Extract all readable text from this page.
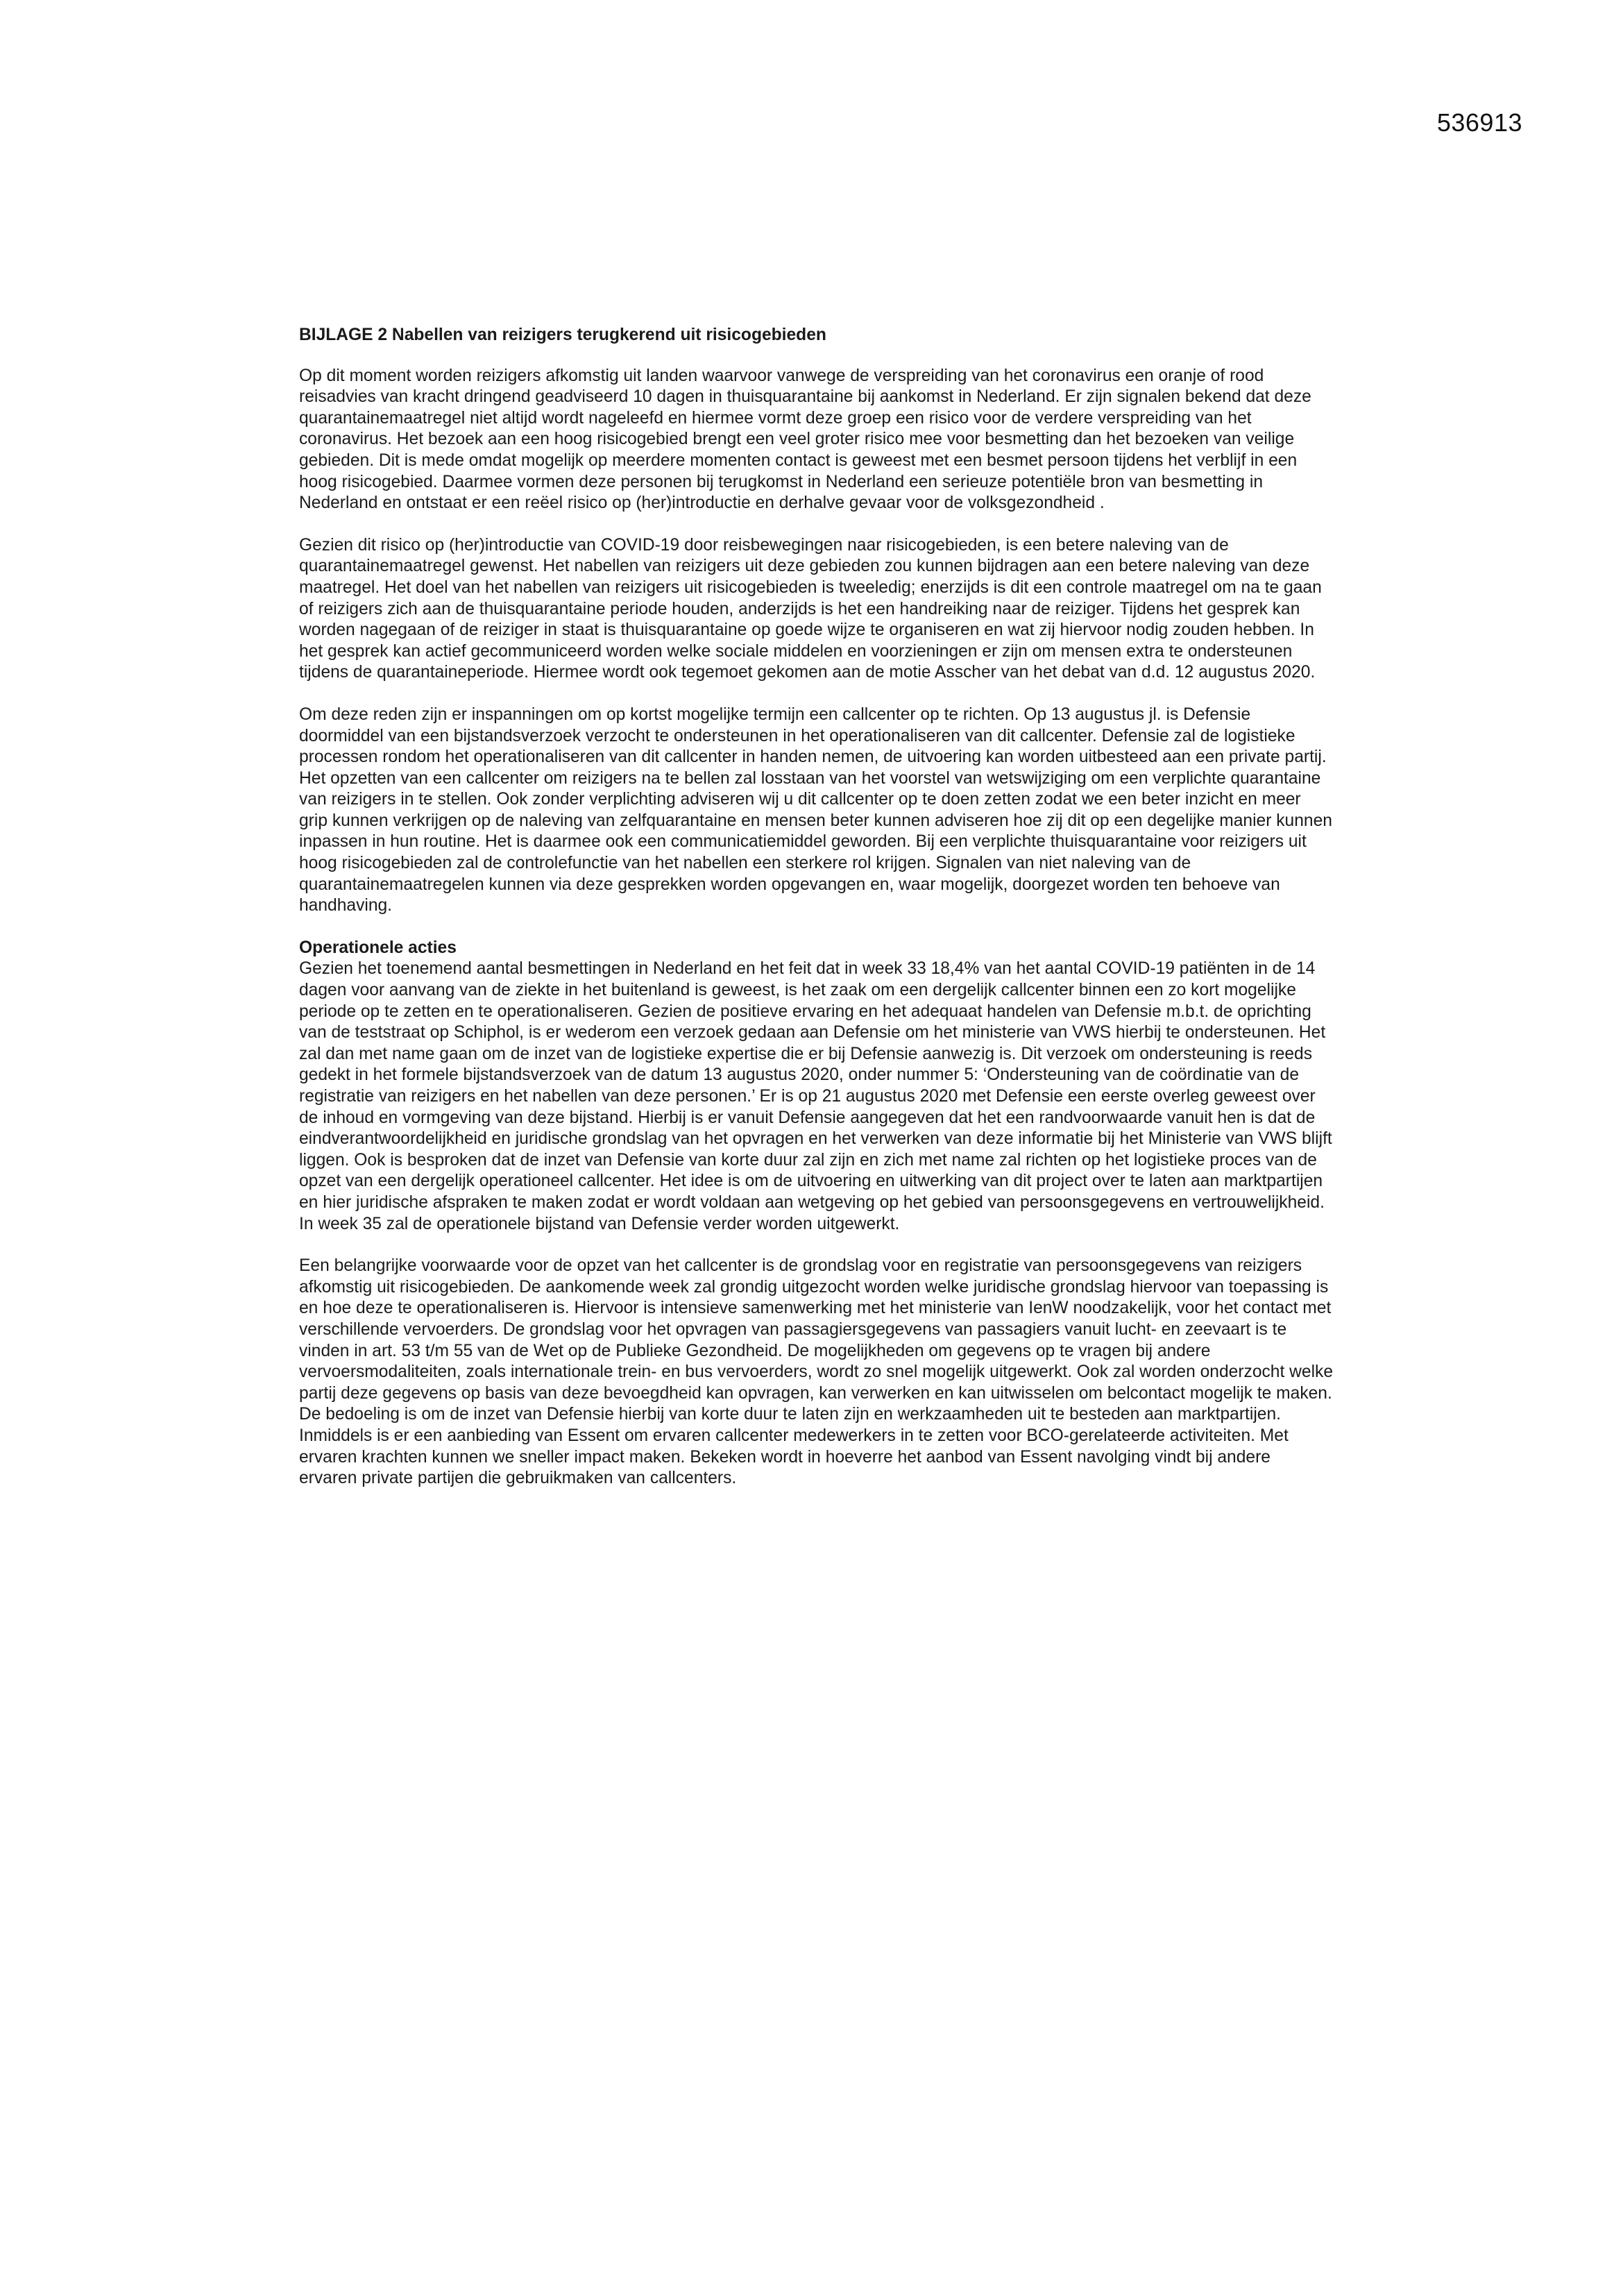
536913
BIJLAGE 2 Nabellen van reizigers terugkerend uit risicogebieden

Op dit moment worden reizigers afkomstig uit landen waarvoor vanwege de verspreiding van het coronavirus een oranje of rood reisadvies van kracht dringend geadviseerd 10 dagen in thuisquarantaine bij aankomst in Nederland. Er zijn signalen bekend dat deze quarantainemaatregel niet altijd wordt nageleefd en hiermee vormt deze groep een risico voor de verdere verspreiding van het coronavirus. Het bezoek aan een hoog risicogebied brengt een veel groter risico mee voor besmetting dan het bezoeken van veilige gebieden. Dit is mede omdat mogelijk op meerdere momenten contact is geweest met een besmet persoon tijdens het verblijf in een hoog risicogebied. Daarmee vormen deze personen bij terugkomst in Nederland een serieuze potentiële bron van besmetting in Nederland en ontstaat er een reëel risico op (her)introductie en derhalve gevaar voor de volksgezondheid .

Gezien dit risico op (her)introductie van COVID-19 door reisbewegingen naar risicogebieden, is een betere naleving van de quarantainemaatregel gewenst. Het nabellen van reizigers uit deze gebieden zou kunnen bijdragen aan een betere naleving van deze maatregel. Het doel van het nabellen van reizigers uit risicogebieden is tweeledig; enerzijds is dit een controle maatregel om na te gaan of reizigers zich aan de thuisquarantaine periode houden, anderzijds is het een handreiking naar de reiziger. Tijdens het gesprek kan worden nagegaan of de reiziger in staat is thuisquarantaine op goede wijze te organiseren en wat zij hiervoor nodig zouden hebben. In het gesprek kan actief gecommuniceerd worden welke sociale middelen en voorzieningen er zijn om mensen extra te ondersteunen tijdens de quarantaineperiode. Hiermee wordt ook tegemoet gekomen aan de motie Asscher van het debat van d.d. 12 augustus 2020.

Om deze reden zijn er inspanningen om op kortst mogelijke termijn een callcenter op te richten. Op 13 augustus jl. is Defensie doormiddel van een bijstandsverzoek verzocht te ondersteunen in het operationaliseren van dit callcenter. Defensie zal de logistieke processen rondom het operationaliseren van dit callcenter in handen nemen, de uitvoering kan worden uitbesteed aan een private partij. Het opzetten van een callcenter om reizigers na te bellen zal losstaan van het voorstel van wetswijziging om een verplichte quarantaine van reizigers in te stellen. Ook zonder verplichting adviseren wij u dit callcenter op te doen zetten zodat we een beter inzicht en meer grip kunnen verkrijgen op de naleving van zelfquarantaine en mensen beter kunnen adviseren hoe zij dit op een degelijke manier kunnen inpassen in hun routine. Het is daarmee ook een communicatiemiddel geworden. Bij een verplichte thuisquarantaine voor reizigers uit hoog risicogebieden zal de controlefunctie van het nabellen een sterkere rol krijgen. Signalen van niet naleving van de quarantainemaatregelen kunnen via deze gesprekken worden opgevangen en, waar mogelijk, doorgezet worden ten behoeve van handhaving.

Operationele acties

Gezien het toenemend aantal besmettingen in Nederland en het feit dat in week 33 18,4% van het aantal COVID-19 patiënten in de 14 dagen voor aanvang van de ziekte in het buitenland is geweest, is het zaak om een dergelijk callcenter binnen een zo kort mogelijke periode op te zetten en te operationaliseren. Gezien de positieve ervaring en het adequaat handelen van Defensie m.b.t. de oprichting van de teststraat op Schiphol, is er wederom een verzoek gedaan aan Defensie om het ministerie van VWS hierbij te ondersteunen. Het zal dan met name gaan om de inzet van de logistieke expertise die er bij Defensie aanwezig is. Dit verzoek om ondersteuning is reeds gedekt in het formele bijstandsverzoek van de datum 13 augustus 2020, onder nummer 5: ‘Ondersteuning van de coördinatie van de registratie van reizigers en het nabellen van deze personen.’ Er is op 21 augustus 2020 met Defensie een eerste overleg geweest over de inhoud en vormgeving van deze bijstand. Hierbij is er vanuit Defensie aangegeven dat het een randvoorwaarde vanuit hen is dat de eindverantwoordelijkheid en juridische grondslag van het opvragen en het verwerken van deze informatie bij het Ministerie van VWS blijft liggen. Ook is besproken dat de inzet van Defensie van korte duur zal zijn en zich met name zal richten op het logistieke proces van de opzet van een dergelijk operationeel callcenter. Het idee is om de uitvoering en uitwerking van dit project over te laten aan marktpartijen en hier juridische afspraken te maken zodat er wordt voldaan aan wetgeving op het gebied van persoonsgegevens en vertrouwelijkheid. In week 35 zal de operationele bijstand van Defensie verder worden uitgewerkt.

Een belangrijke voorwaarde voor de opzet van het callcenter is de grondslag voor en registratie van persoonsgegevens van reizigers afkomstig uit risicogebieden. De aankomende week zal grondig uitgezocht worden welke juridische grondslag hiervoor van toepassing is en hoe deze te operationaliseren is. Hiervoor is intensieve samenwerking met het ministerie van IenW noodzakelijk, voor het contact met verschillende vervoerders. De grondslag voor het opvragen van passagiersgegevens van passagiers vanuit lucht- en zeevaart is te vinden in art. 53 t/m 55 van de Wet op de Publieke Gezondheid. De mogelijkheden om gegevens op te vragen bij andere vervoersmodaliteiten, zoals internationale trein- en bus vervoerders, wordt zo snel mogelijk uitgewerkt. Ook zal worden onderzocht welke partij deze gegevens op basis van deze bevoegdheid kan opvragen, kan verwerken en kan uitwisselen om belcontact mogelijk te maken. De bedoeling is om de inzet van Defensie hierbij van korte duur te laten zijn en werkzaamheden uit te besteden aan marktpartijen. Inmiddels is er een aanbieding van Essent om ervaren callcenter medewerkers in te zetten voor BCO-gerelateerde activiteiten. Met ervaren krachten kunnen we sneller impact maken. Bekeken wordt in hoeverre het aanbod van Essent navolging vindt bij andere ervaren private partijen die gebruikmaken van callcenters.
